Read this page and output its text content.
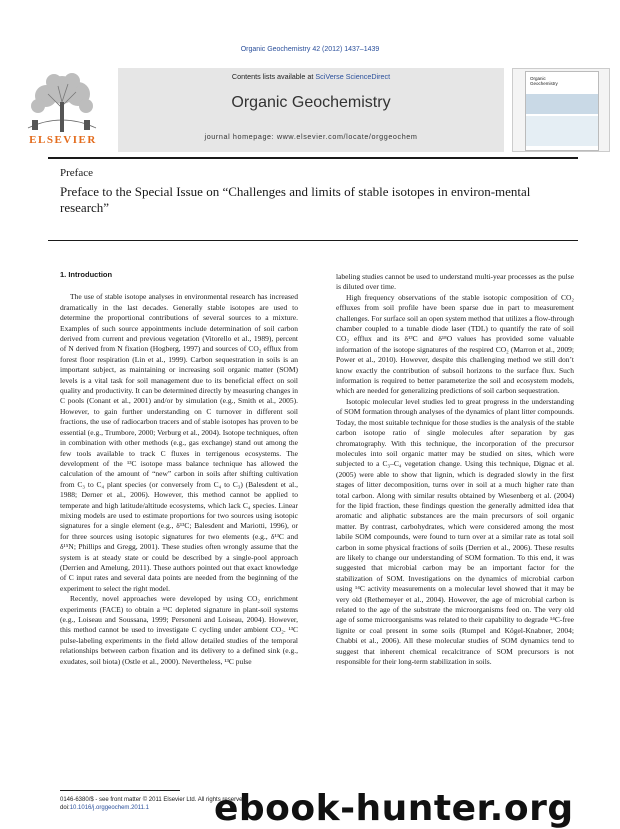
Organic Geochemistry 42 (2012) 1437–1439
ELSEVIER
Contents lists available at SciVerse ScienceDirect
Organic Geochemistry
journal homepage: www.elsevier.com/locate/orggeochem
Organic
Geochemistry
Preface
Preface to the Special Issue on “Challenges and limits of stable isotopes in environ-mental research”
1. Introduction

The use of stable isotope analyses in environmental research has increased dramatically in the last decades. Generally stable isotopes are used to determine the proportional contributions of several sources to a mixture. Examples of such source appointments include determination of soil carbon derived from current and previous vegetation (Vitorello et al., 1989), percent of N derived from N fixation (Hogberg, 1997) and sources of CO₂ efflux from forest floor respiration (Lin et al., 1999). Carbon sequestration in soils is an important subject, as maintaining or increasing soil organic matter (SOM) levels is a vital task for soil management due to its beneficial effect on soil quality and productivity. It can be determined directly by measuring changes in C pools (Conant et al., 2001) and/or by simulation (e.g., Smith et al., 2005). However, to gain further understanding on C turnover in different soil fractions, the use of radiocarbon tracers and of stable isotopes has proven to be essential (e.g., Trumbore, 2000; Verburg et al., 2004). Isotope techniques, often in combination with other methods (e.g., gas exchange) stand out among the few tools available to track C fluxes in terrigenous ecosystems. The development of the ¹³C isotope mass balance technique has allowed the calculation of the amount of “new” carbon in soils after shifting cultivation from C₃ to C₄ plant species (or conversely from C₄ to C₃) (Balesdent et al., 1988; Derner et al., 2006). However, this method cannot be applied to temperate and high latitude/altitude ecosystems, which lack C₄ species. Linear mixing models are used to estimate proportions for two sources using isotopic signatures for a single element (e.g., δ¹³C; Balesdent and Mariotti, 1996), or for three sources using isotopic signatures for two elements (e.g., δ¹³C and δ¹⁵N; Phillips and Gregg, 2001). These studies often wrongly assume that the system is at steady state or could be described by a single-pool approach (Derrien and Amelung, 2011). These authors pointed out that exact knowledge of C input rates and several data points are needed from the beginning of the experiment to select the right model.

Recently, novel approaches were developed by using CO₂ enrichment experiments (FACE) to obtain a ¹³C depleted signature in plant-soil systems (e.g., Loiseau and Soussana, 1999; Personeni and Loiseau, 2004). However, this method cannot be used to investigate C cycling under ambient CO₂. ¹³C pulse-labeling experiments in the field allow detailed studies of the temporal relationships between carbon fixation and its delivery to a defined sink (e.g., exudates, soil biota) (Ostle et al., 2000). Nevertheless, ¹³C pulse

labeling studies cannot be used to understand multi-year processes as the pulse is diluted over time.

High frequency observations of the stable isotopic composition of CO₂ effluxes from soil profile have been sparse due in part to measurement challenges. For surface soil an open system method that utilizes a flow-through chamber coupled to a tunable diode laser (TDL) to quantify the rate of soil CO₂ efflux and its δ¹³C and δ¹⁸O values has provided some valuable information of the isotope signatures of the respired CO₂ (Marron et al., 2009; Power et al., 2010). However, despite this challenging method we still don’t know exactly the contribution of subsoil horizons to the surface flux. Such information is required to better parameterize the soil and ecosystem models, which are needed for generalizing predictions of soil carbon sequestration.

Isotopic molecular level studies led to great progress in the understanding of SOM formation through analyses of the dynamics of plant litter compounds. Today, the most suitable technique for those studies is the analysis of the stable carbon isotope ratio of single molecules after separation by gas chromatography. With this technique, the incorporation of the precursor molecules into soil organic matter may be studied on sites, which were subjected to a C₃–C₄ vegetation change. Using this technique, Dignac et al. (2005) were able to show that lignin, which is degraded slowly in the first stages of litter decomposition, turns over in soil at a much higher rate than total carbon. Along with similar results obtained by Wiesenberg et al. (2004) for the lipid fraction, these findings question the generally admitted idea that aromatic and aliphatic substances are the main precursors of soil organic matter. By contrast, carbohydrates, which were considered among the most labile SOM compounds, were found to turn over at a similar rate as total soil carbon in some physical fractions of soils (Derrien et al., 2006). These results are likely to change our understanding of SOM formation. To this end, it was suggested that microbial carbon may be an important factor for the stabilization of SOM. Investigations on the dynamics of microbial carbon using ¹⁴C activity measurements on a molecular level showed that it may be very old (Rethemeyer et al., 2004). However, the age of microbial carbon is related to the age of the substrate the microorganisms feed on. The very old age of some microorganisms was related to their capability to degrade ¹⁴C-free lignite or coal present in some soils (Rumpel and Kögel-Knabner, 2004; Chabbi et al., 2006). All these molecular studies of SOM dynamics tend to suggest that inherent chemical recalcitrance of SOM precursors is not responsible for their long-term stabilization in soils.

0146-6380/$ - see front matter © 2011 Elsevier Ltd. All rights reserved.
doi:10.1016/j.orggeochem.2011.1	ebook-hunter.org
